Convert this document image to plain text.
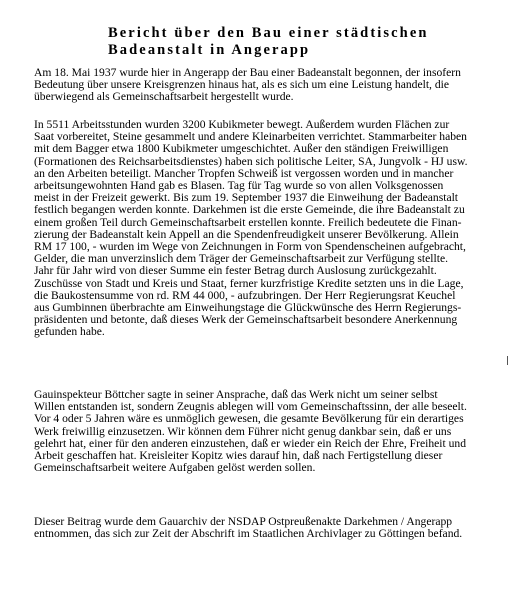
Bericht über den Bau einer städtischen
Badeanstalt in Angerapp
Am 18. Mai 1937 wurde hier in Angerapp der Bau einer Badeanstalt begonnen, der insofern
Bedeutung über unsere Kreisgrenzen hinaus hat, als es sich um eine Leistung handelt, die
überwiegend als Gemeinschaftsarbeit hergestellt wurde.
In 5511 Arbeitsstunden wurden 3200 Kubikmeter bewegt. Außerdem wurden Flächen zur
Saat vorbereitet, Steine gesammelt und andere Kleinarbeiten verrichtet. Stammarbeiter haben
mit dem Bagger etwa 1800 Kubikmeter umgeschichtet. Außer den ständigen Freiwilligen
(Formationen des Reichsarbeitsdienstes) haben sich politische Leiter, SA, Jungvolk - HJ usw.
an den Arbeiten beteiligt. Mancher Tropfen Schweiß ist vergossen worden und in mancher
arbeitsungewohnten Hand gab es Blasen. Tag für Tag wurde so von allen Volksgenossen
meist in der Freizeit gewerkt. Bis zum 19. September 1937 die Einweihung der Badeanstalt
festlich begangen werden konnte. Darkehmen ist die erste Gemeinde, die ihre Badeanstalt zu
einem großen Teil durch Gemeinschaftsarbeit erstellen konnte. Freilich bedeutete die Finan-
zierung der Badeanstalt kein Appell an die Spendenfreudigkeit unserer Bevölkerung. Allein
RM 17 100, - wurden im Wege von Zeichnungen in Form von Spendenscheinen aufgebracht,
Gelder, die man unverzinslich dem Träger der Gemeinschaftsarbeit zur Verfügung stellte.
Jahr für Jahr wird von dieser Summe ein fester Betrag durch Auslosung zurückgezahlt.
Zuschüsse von Stadt und Kreis und Staat, ferner kurzfristige Kredite setzten uns in die Lage,
die Baukostensumme von rd. RM 44 000, - aufzubringen. Der Herr Regierungsrat Keuchel
aus Gumbinnen überbrachte am Einweihungstage die Glückwünsche des Herrn Regierungs-
präsidenten und betonte, daß dieses Werk der Gemeinschaftsarbeit besondere Anerkennung
gefunden habe.
Gauinspekteur Böttcher sagte in seiner Ansprache, daß das Werk nicht um seiner selbst
Willen entstanden ist, sondern Zeugnis ablegen will vom Gemeinschaftssinn, der alle beseelt.
Vor 4 oder 5 Jahren wäre es unmöglich gewesen, die gesamte Bevölkerung für ein derartiges
Werk freiwillig einzusetzen. Wir können dem Führer nicht genug dankbar sein, daß er uns
gelehrt hat, einer für den anderen einzustehen, daß er wieder ein Reich der Ehre, Freiheit und
Arbeit geschaffen hat. Kreisleiter Kopitz wies darauf hin, daß nach Fertigstellung dieser
Gemeinschaftsarbeit weitere Aufgaben gelöst werden sollen.
Dieser Beitrag wurde dem Gauarchiv der NSDAP Ostpreußenakte Darkehmen / Angerapp
entnommen, das sich zur Zeit der Abschrift im Staatlichen Archivlager zu Göttingen befand.
